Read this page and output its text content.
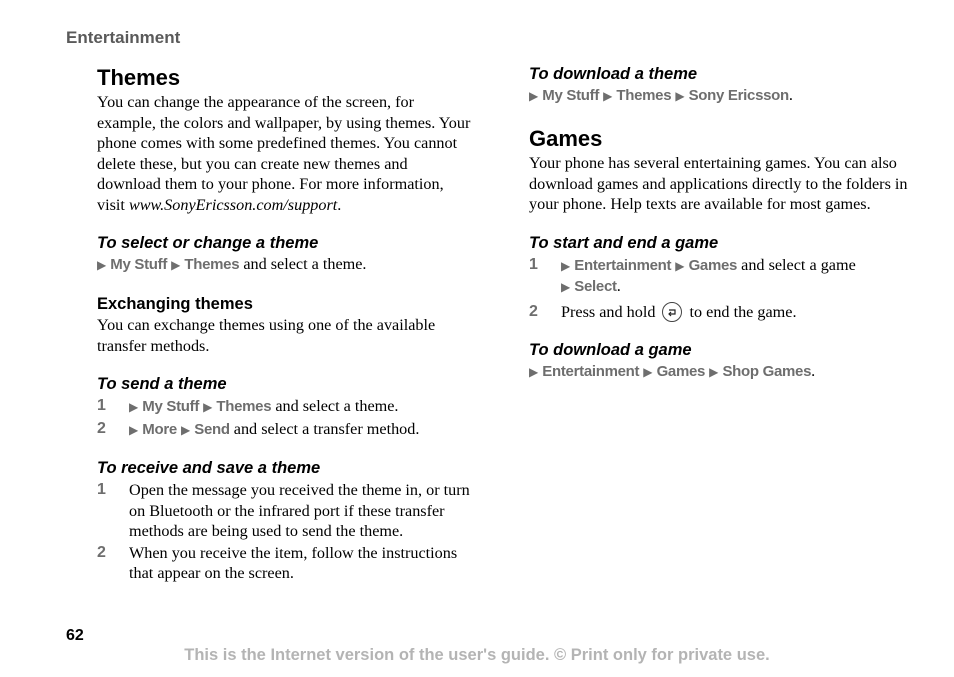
Entertainment
Themes

You can change the appearance of the screen, for example, the colors and wallpaper, by using themes. Your phone comes with some predefined themes. You cannot delete these, but you can create new themes and download them to your phone. For more information, visit www.SonyEricsson.com/support.

To select or change a theme
▶ My Stuff ▶ Themes and select a theme.
Exchanging themes

You can exchange themes using one of the available transfer methods.

To send a theme
1	▶ My Stuff ▶ Themes and select a theme.
2	▶ More ▶ Send and select a transfer method.
To receive and save a theme
1	Open the message you received the theme in, or turn on Bluetooth or the infrared port if these transfer methods are being used to send the theme.
2	When you receive the item, follow the instructions that appear on the screen.
To download a theme
▶ My Stuff ▶ Themes ▶ Sony Ericsson.
Games

Your phone has several entertaining games. You can also download games and applications directly to the folders in your phone. Help texts are available for most games.

To start and end a game
1	▶ Entertainment ▶ Games and select a game
▶ Select.
2	Press and hold to end the game.
To download a game
▶ Entertainment ▶ Games ▶ Shop Games.
62
This is the Internet version of the user's guide. © Print only for private use.
